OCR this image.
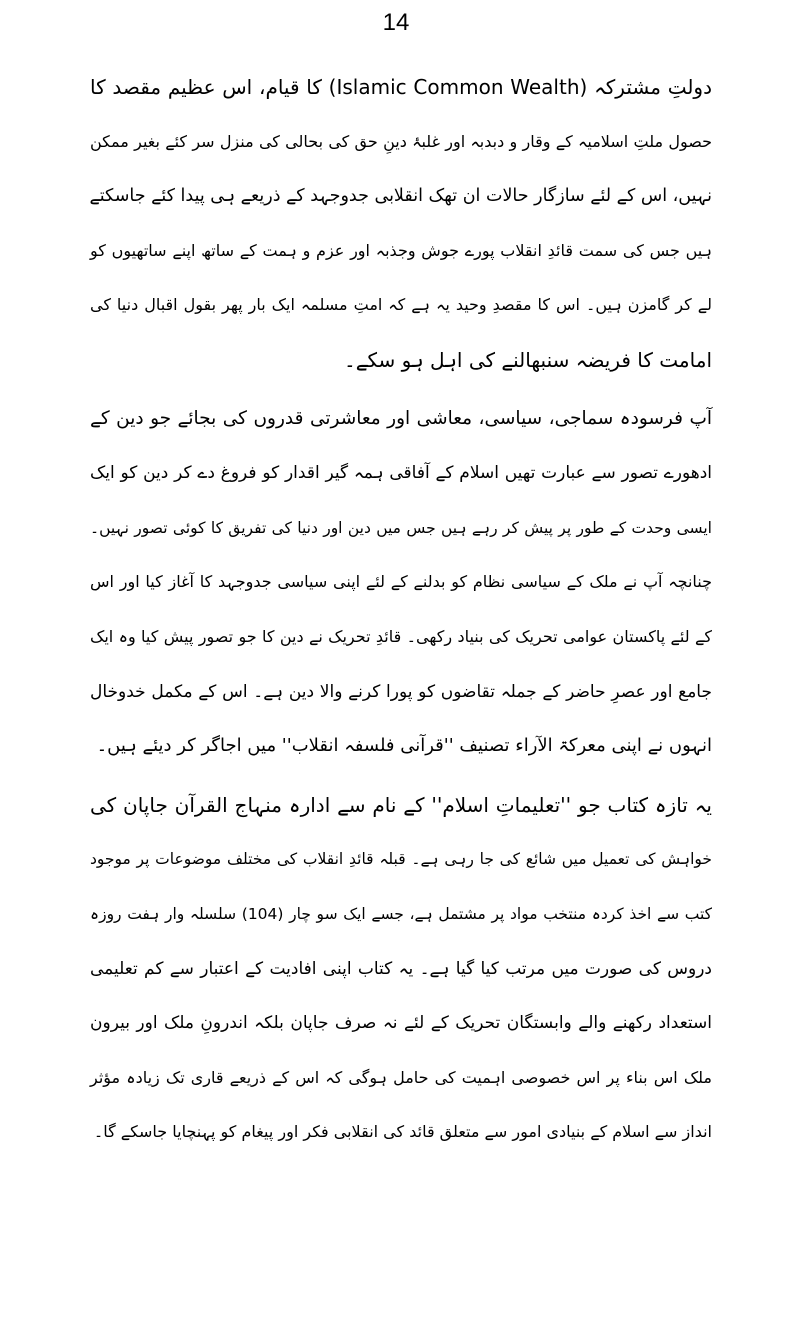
14
دولتِ مشترکہ (Islamic Common Wealth) کا قیام، اس عظیم مقصد کا
حصول ملتِ اسلامیہ کے وقار و دبدبہ اور غلبۂ دینِ حق کی بحالی کی منزل سر کئے بغیر ممکن
نہیں، اس کے لئے سازگار حالات ان تھک انقلابی جدوجہد کے ذریعے ہی پیدا کئے جاسکتے
ہیں جس کی سمت قائدِ انقلاب پورے جوش وجذبہ اور عزم و ہمت کے ساتھ اپنے ساتھیوں کو
لے کر گامزن ہیں۔ اس کا مقصدِ وحید یہ ہے کہ امتِ مسلمہ ایک بار پھر بقول اقبال دنیا کی
امامت کا فریضہ سنبھالنے کی اہل ہو سکے۔
آپ فرسودہ سماجی، سیاسی، معاشی اور معاشرتی قدروں کی بجائے جو دین کے
ادھورے تصور سے عبارت تھیں اسلام کے آفاقی ہمہ گیر اقدار کو فروغ دے کر دین کو ایک
ایسی وحدت کے طور پر پیش کر رہے ہیں جس میں دین اور دنیا کی تفریق کا کوئی تصور نہیں۔
چنانچہ آپ نے ملک کے سیاسی نظام کو بدلنے کے لئے اپنی سیاسی جدوجہد کا آغاز کیا اور اس
کے لئے پاکستان عوامی تحریک کی بنیاد رکھی۔ قائدِ تحریک نے دین کا جو تصور پیش کیا وہ ایک
جامع اور عصرِ حاضر کے جملہ تقاضوں کو پورا کرنے والا دین ہے۔ اس کے مکمل خدوخال
انہوں نے اپنی معرکۃ الآراء تصنیف ''قرآنی فلسفہ انقلاب'' میں اجاگر کر دیئے ہیں۔
یہ تازہ کتاب جو ''تعلیماتِ اسلام'' کے نام سے ادارہ منہاج القرآن جاپان کی
خواہش کی تعمیل میں شائع کی جا رہی ہے۔ قبلہ قائدِ انقلاب کی مختلف موضوعات پر موجود
کتب سے اخذ کردہ منتخب مواد پر مشتمل ہے، جسے ایک سو چار (104) سلسلہ وار ہفت روزہ
دروس کی صورت میں مرتب کیا گیا ہے۔ یہ کتاب اپنی افادیت کے اعتبار سے کم تعلیمی
استعداد رکھنے والے وابستگان تحریک کے لئے نہ صرف جاپان بلکہ اندرونِ ملک اور بیرون
ملک اس بناء پر اس خصوصی اہمیت کی حامل ہوگی کہ اس کے ذریعے قاری تک زیادہ مؤثر
انداز سے اسلام کے بنیادی امور سے متعلق قائد کی انقلابی فکر اور پیغام کو پہنچایا جاسکے گا۔
